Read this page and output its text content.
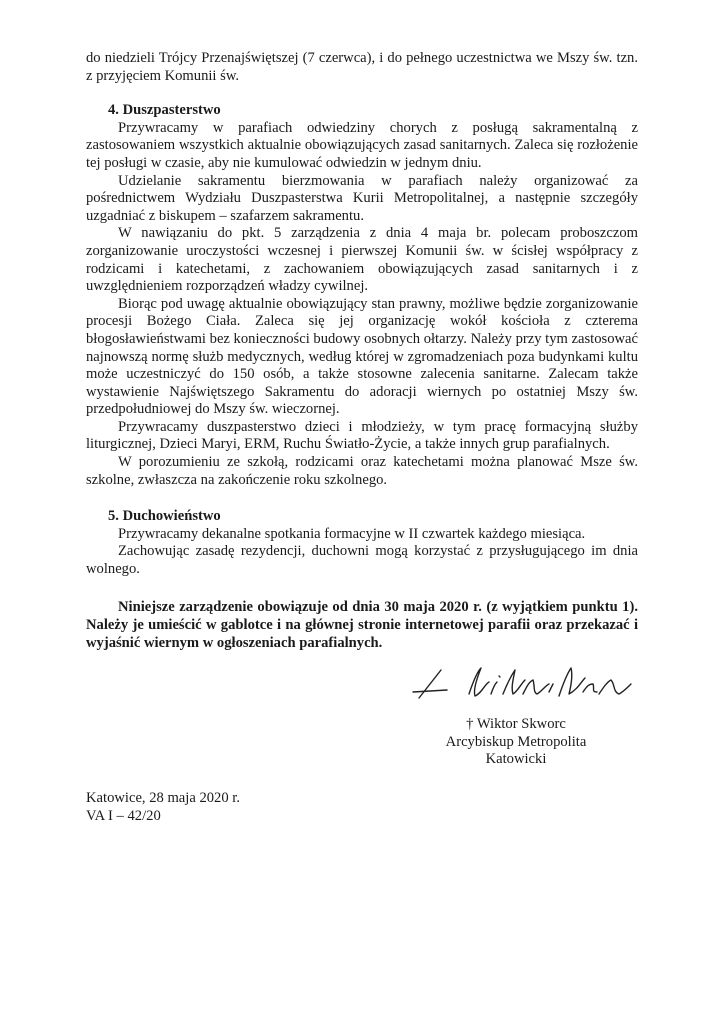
do niedzieli Trójcy Przenajświętszej (7 czerwca), i do pełnego uczestnictwa we Mszy św. tzn. z przyjęciem Komunii św.

4. Duszpasterstwo

Przywracamy w parafiach odwiedziny chorych z posługą sakramentalną z zastosowaniem wszystkich aktualnie obowiązujących zasad sanitarnych. Zaleca się rozłożenie tej posługi w czasie, aby nie kumulować odwiedzin w jednym dniu.

Udzielanie sakramentu bierzmowania w parafiach należy organizować za pośrednictwem Wydziału Duszpasterstwa Kurii Metropolitalnej, a następnie szczegóły uzgadniać z biskupem – szafarzem sakramentu.

W nawiązaniu do pkt. 5 zarządzenia z dnia 4 maja br. polecam proboszczom zorganizowanie uroczystości wczesnej i pierwszej Komunii św. w ścisłej współpracy z rodzicami i katechetami, z zachowaniem obowiązujących zasad sanitarnych i z uwzględnieniem rozporządzeń władzy cywilnej.

Biorąc pod uwagę aktualnie obowiązujący stan prawny, możliwe będzie zorganizowanie procesji Bożego Ciała. Zaleca się jej organizację wokół kościoła z czterema błogosławieństwami bez konieczności budowy osobnych ołtarzy. Należy przy tym zastosować najnowszą normę służb medycznych, według której w zgromadzeniach poza budynkami kultu może uczestniczyć do 150 osób, a także stosowne zalecenia sanitarne. Zalecam także wystawienie Najświętszego Sakramentu do adoracji wiernych po ostatniej Mszy św. przedpołudniowej do Mszy św. wieczornej.

Przywracamy duszpasterstwo dzieci i młodzieży, w tym pracę formacyjną służby liturgicznej, Dzieci Maryi, ERM, Ruchu Światło-Życie, a także innych grup parafialnych.

W porozumieniu ze szkołą, rodzicami oraz katechetami można planować Msze św. szkolne, zwłaszcza na zakończenie roku szkolnego.

5. Duchowieństwo

Przywracamy dekanalne spotkania formacyjne w II czwartek każdego miesiąca.

Zachowując zasadę rezydencji, duchowni mogą korzystać z przysługującego im dnia wolnego.

Niniejsze zarządzenie obowiązuje od dnia 30 maja 2020 r. (z wyjątkiem punktu 1). Należy je umieścić w gablotce i na głównej stronie internetowej parafii oraz przekazać i wyjaśnić wiernym w ogłoszeniach parafialnych.

† Wiktor Skworc
Arcybiskup Metropolita
Katowicki
Katowice, 28 maja 2020 r.
VA I – 42/20
